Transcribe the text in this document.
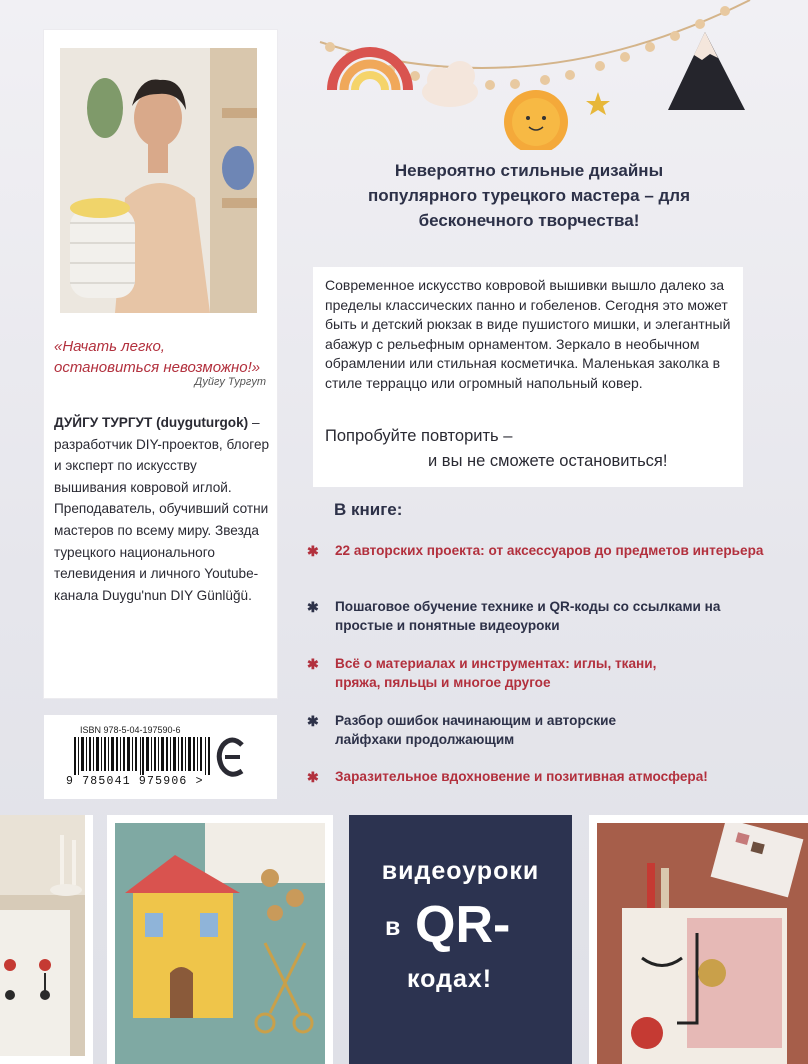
«Начать легко, остановиться невозможно!»
Дуйгу Тургут
ДУЙГУ ТУРГУТ (duyguturgok) – разработчик DIY-проектов, блогер и эксперт по искусству вышивания ковровой иглой. Преподаватель, обучивший сотни мастеров по всему миру. Звезда турецкого национального телевидения и личного Youtube-канала Duygu'nun DIY Günlüğü.
ISBN 978-5-04-197590-6
9 785041 975906 >
Невероятно стильные дизайны популярного турецкого мастера – для бесконечного творчества!
Современное искусство ковровой вышивки вышло далеко за пределы классических панно и гобеленов. Сегодня это может быть и детский рюкзак в виде пушистого мишки, и элегантный абажур с рельефным орнаментом. Зеркало в необычном обрамлении или стильная косметичка. Маленькая заколка в стиле терраццо или огромный напольный ковер.
Попробуйте повторить –
и вы не сможете остановиться!
В книге:
✱ 22 авторских проекта: от аксессуаров до предметов интерьера
✱ Пошаговое обучение технике и QR-коды со ссылками на простые и понятные видеоуроки
✱ Всё о материалах и инструментах: иглы, ткани, пряжа, пяльцы и многое другое
✱ Разбор ошибок начинающим и авторские лайфхаки продолжающим
✱ Заразительное вдохновение и позитивная атмосфера!
видеоуроки
в QR-
кодах!
